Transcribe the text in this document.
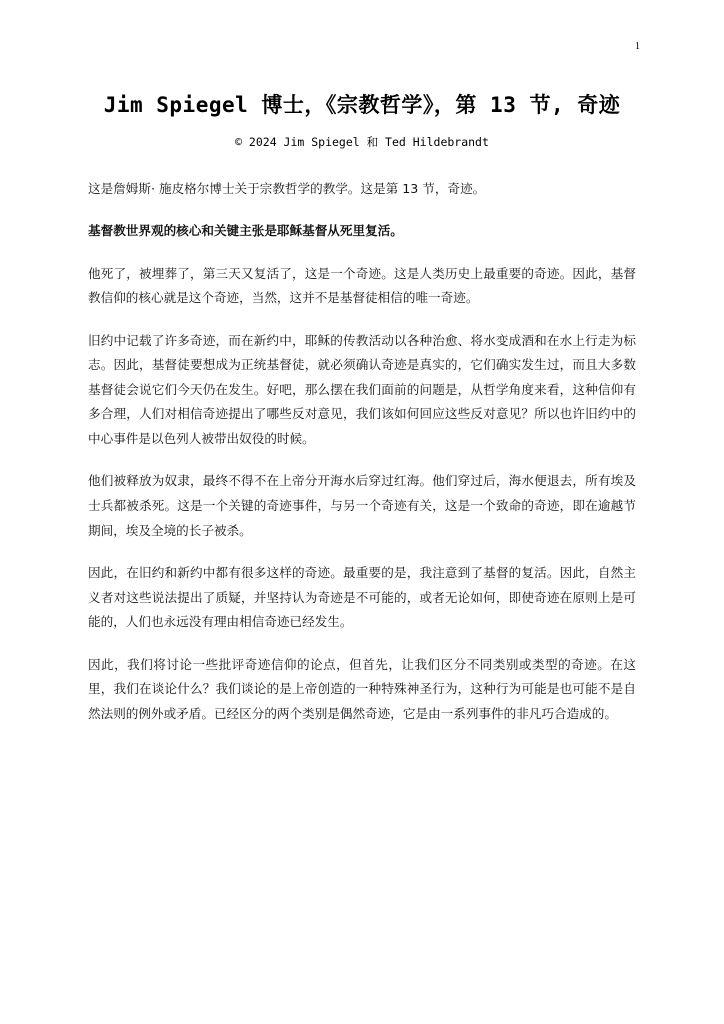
1
Jim Spiegel 博士，《宗教哲学》，第 13 节, 奇迹
© 2024 Jim Spiegel 和 Ted Hildebrandt

这是詹姆斯· 施皮格尔博士关于宗教哲学的教学。这是第 13 节，奇迹。

基督教世界观的核心和关键主张是耶稣基督从死里复活。

他死了，被埋葬了，第三天又复活了，这是一个奇迹。这是人类历史上最重要的奇迹。因此，基督教信仰的核心就是这个奇迹，当然，这并不是基督徒相信的唯一奇迹。

旧约中记载了许多奇迹，而在新约中，耶稣的传教活动以各种治愈、将水变成酒和在水上行走为标志。因此，基督徒要想成为正统基督徒，就必须确认奇迹是真实的，它们确实发生过，而且大多数基督徒会说它们今天仍在发生。好吧，那么摆在我们面前的问题是，从哲学角度来看，这种信仰有多合理，人们对相信奇迹提出了哪些反对意见，我们该如何回应这些反对意见？所以也许旧约中的中心事件是以色列人被带出奴役的时候。

他们被释放为奴隶，最终不得不在上帝分开海水后穿过红海。他们穿过后，海水便退去，所有埃及士兵都被杀死。这是一个关键的奇迹事件，与另一个奇迹有关，这是一个致命的奇迹，即在逾越节期间，埃及全境的长子被杀。

因此，在旧约和新约中都有很多这样的奇迹。最重要的是，我注意到了基督的复活。因此，自然主义者对这些说法提出了质疑，并坚持认为奇迹是不可能的，或者无论如何，即使奇迹在原则上是可能的，人们也永远没有理由相信奇迹已经发生。

因此，我们将讨论一些批评奇迹信仰的论点，但首先，让我们区分不同类别或类型的奇迹。在这里，我们在谈论什么？我们谈论的是上帝创造的一种特殊神圣行为，这种行为可能是也可能不是自然法则的例外或矛盾。已经区分的两个类别是偶然奇迹，它是由一系列事件的非凡巧合造成的。
